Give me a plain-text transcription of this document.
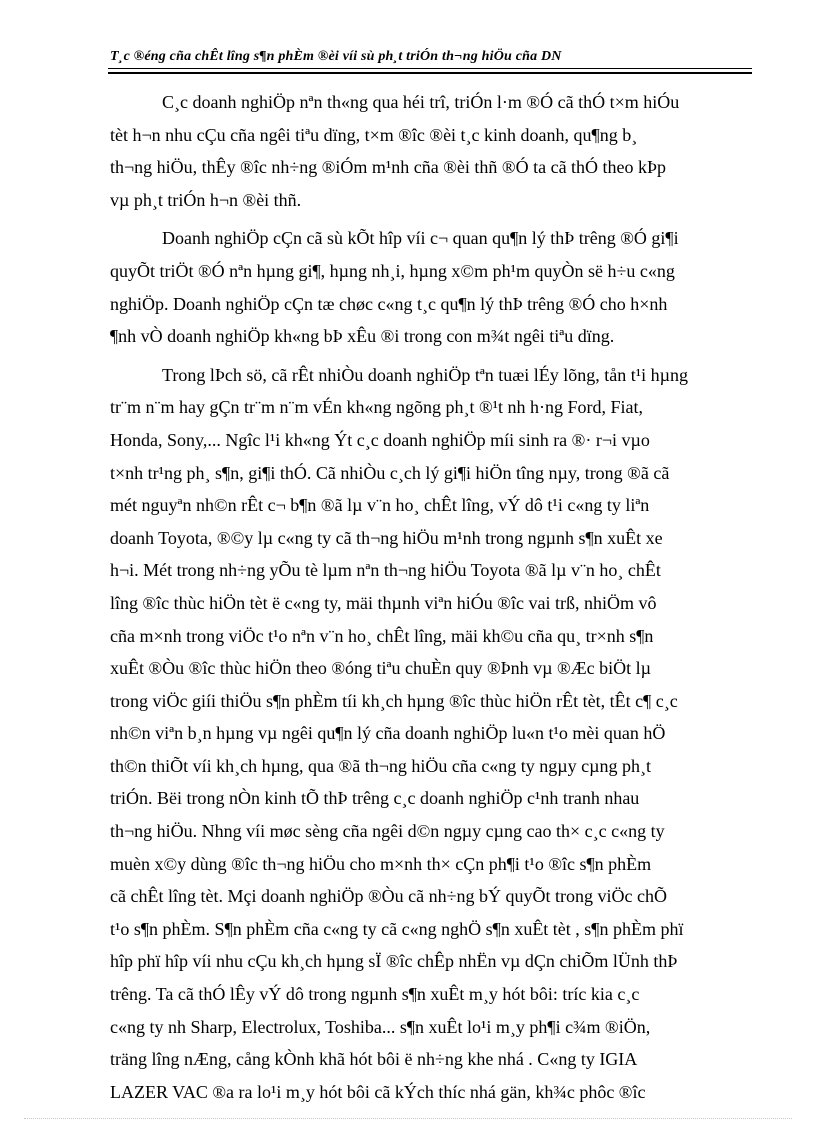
T¸c ®éng cña chÊt lîng s¶n phÈm ®èi víi sù ph¸t triÓn th¬ng hiÖu cña DN
C¸c doanh nghiÖp nªn th«ng qua héi trî, triÓn l·m ®Ó cã thÓ t×m hiÓu
tèt h¬n nhu cÇu cña ngêi tiªu dïng, t×m ®îc ®èi t¸c kinh doanh, qu¶ng b¸
th¬ng hiÖu, thÊy ®îc nh÷ng ®iÓm m¹nh cña ®èi thñ ®Ó ta cã thÓ theo kÞp
vµ ph¸t triÓn h¬n ®èi thñ.
Doanh nghiÖp cÇn cã sù kÕt hîp víi c¬ quan qu¶n lý thÞ trêng ®Ó gi¶i
quyÕt triÖt ®Ó nªn hµng gi¶, hµng nh¸i, hµng x©m ph¹m quyÒn së h÷u c«ng
nghiÖp. Doanh nghiÖp cÇn tæ chøc c«ng t¸c qu¶n lý thÞ trêng ®Ó cho h×nh
¶nh vÒ doanh nghiÖp kh«ng bÞ xÊu ®i trong con m¾t ngêi tiªu dïng.
Trong lÞch sö, cã rÊt nhiÒu doanh nghiÖp tªn tuæi lÉy lõng, tån t¹i hµng
tr¨m n¨m hay gÇn tr¨m n¨m vÉn kh«ng ngõng ph¸t ®¹t nh h·ng Ford, Fiat,
Honda, Sony,... Ngîc l¹i kh«ng Ýt c¸c doanh nghiÖp míi sinh ra ®· r¬i vµo
t×nh tr¹ng ph¸ s¶n, gi¶i thÓ. Cã nhiÒu c¸ch lý gi¶i hiÖn tîng nµy, trong ®ã cã
mét nguyªn nh©n rÊt c¬ b¶n ®ã lµ v¨n ho¸ chÊt lîng, vÝ dô t¹i c«ng ty liªn
doanh Toyota, ®©y lµ c«ng ty cã th¬ng hiÖu m¹nh trong ngµnh s¶n xuÊt xe
h¬i. Mét trong nh÷ng yÕu tè lµm nªn th¬ng hiÖu Toyota ®ã lµ v¨n ho¸ chÊt
lîng ®îc thùc hiÖn tèt ë c«ng ty, mäi thµnh viªn hiÓu ®îc vai trß, nhiÖm vô
cña m×nh trong viÖc t¹o nªn v¨n ho¸ chÊt lîng, mäi kh©u cña qu¸ tr×nh s¶n
xuÊt ®Òu ®îc thùc hiÖn theo ®óng tiªu chuÈn quy ®Þnh vµ ®Æc biÖt lµ
trong viÖc giíi thiÖu s¶n phÈm tíi kh¸ch hµng ®îc thùc hiÖn rÊt tèt, tÊt c¶ c¸c
nh©n viªn b¸n hµng vµ ngêi qu¶n lý cña doanh nghiÖp lu«n t¹o mèi quan hÖ
th©n thiÕt víi kh¸ch hµng, qua ®ã th¬ng hiÖu cña c«ng ty ngµy cµng ph¸t
triÓn. Bëi trong nÒn kinh tÕ thÞ trêng c¸c doanh nghiÖp c¹nh tranh nhau
th¬ng hiÖu. Nhng víi møc sèng cña ngêi d©n ngµy cµng cao th× c¸c c«ng ty
muèn x©y dùng ®îc th¬ng hiÖu cho m×nh th× cÇn ph¶i t¹o ®îc s¶n phÈm
cã chÊt lîng tèt. Mçi doanh nghiÖp ®Òu cã nh÷ng bÝ quyÕt trong viÖc chÕ
t¹o s¶n phÈm. S¶n phÈm cña c«ng ty cã c«ng nghÖ s¶n xuÊt tèt , s¶n phÈm phï
hîp phï hîp víi nhu cÇu kh¸ch hµng sÏ ®îc chÊp nhËn vµ dÇn chiÕm lÜnh thÞ
trêng. Ta cã thÓ lÊy vÝ dô trong ngµnh s¶n xuÊt m¸y hót bôi: tríc kia c¸c
c«ng ty nh Sharp, Electrolux, Toshiba... s¶n xuÊt lo¹i m¸y ph¶i c¾m ®iÖn,
träng lîng nÆng, cång kÒnh khã hót bôi ë nh÷ng khe nhá . C«ng ty IGIA
LAZER VAC ®a ra lo¹i m¸y hót bôi cã kÝch thíc nhá gän, kh¾c phôc ®îc
